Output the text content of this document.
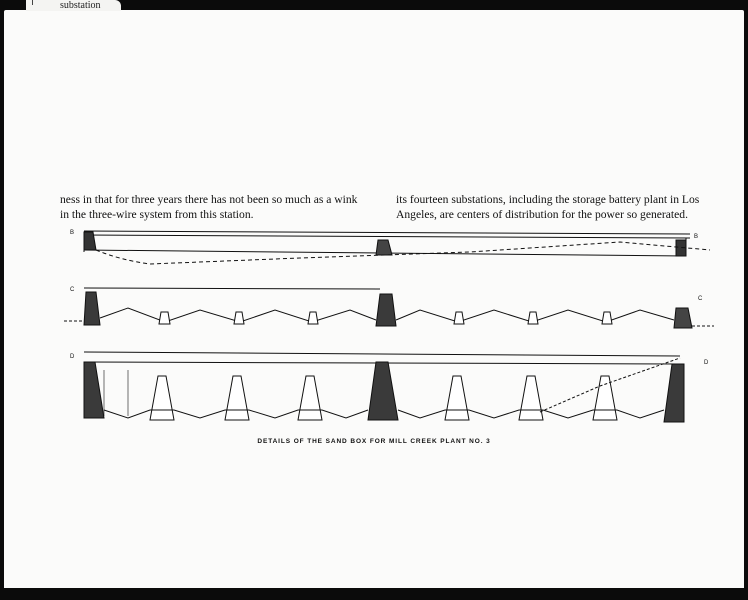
substation
ness in that for three years there has not been so much as a wink
in the three-wire system from this station.
its fourteen substations, including the storage battery plant in Los
Angeles, are centers of distribution for the power so generated.
B
B
C
C
D
D
DETAILS OF THE SAND BOX FOR MILL CREEK PLANT NO. 3
